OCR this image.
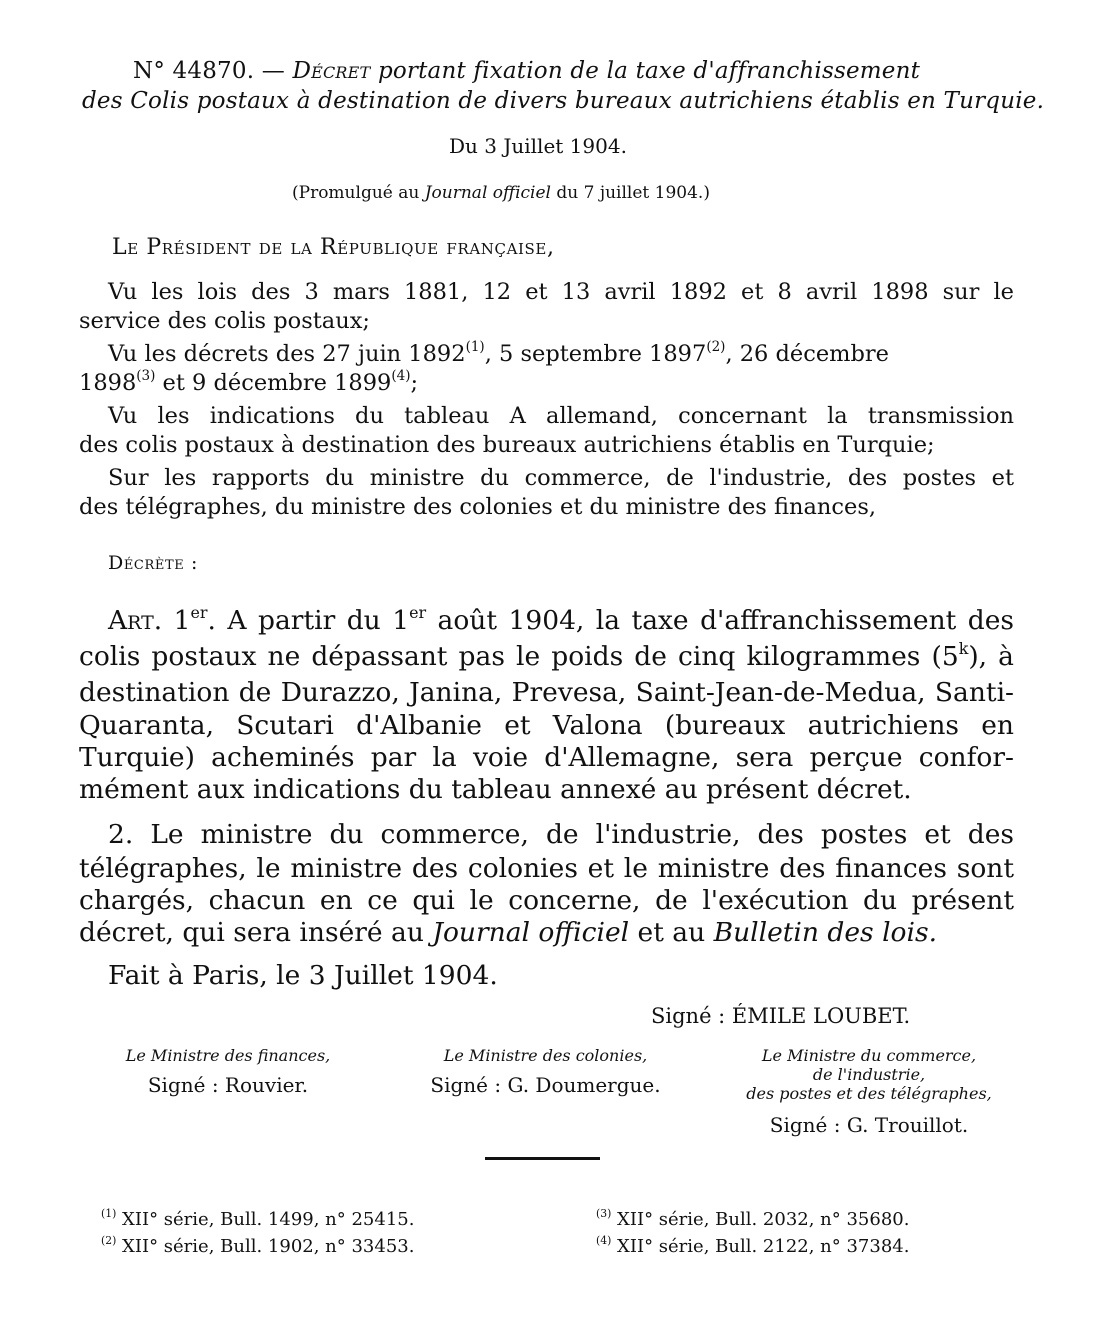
N° 44870. — Décret portant fixation de la taxe d'affranchissement
des Colis postaux à destination de divers bureaux autrichiens établis en Turquie.
Du 3 Juillet 1904.
(Promulgué au Journal officiel du 7 juillet 1904.)
Le Président de la République française,
Vu les lois des 3 mars 1881, 12 et 13 avril 1892 et 8 avril 1898 sur le
service des colis postaux;
Vu les décrets des 27 juin 1892$^{(1)}$, 5 septembre 1897$^{(2)}$, 26 décembre
1898$^{(3)}$ et 9 décembre 1899$^{(4)}$;
Vu les indications du tableau A allemand, concernant la transmission
des colis postaux à destination des bureaux autrichiens établis en Turquie;
Sur les rapports du ministre du commerce, de l'industrie, des postes et
des télégraphes, du ministre des colonies et du ministre des finances,
Décrète :
Art. 1er. A partir du 1er août 1904, la taxe d'affranchissement des
colis postaux ne dépassant pas le poids de cinq kilogrammes (5$^k$), à
destination de Durazzo, Janina, Prevesa, Saint-Jean-de-Medua, Santi-
Quaranta, Scutari d'Albanie et Valona (bureaux autrichiens en
Turquie) acheminés par la voie d'Allemagne, sera perçue confor-
mément aux indications du tableau annexé au présent décret.
2. Le ministre du commerce, de l'industrie, des postes et des
télégraphes, le ministre des colonies et le ministre des finances sont
chargés, chacun en ce qui le concerne, de l'exécution du présent
décret, qui sera inséré au Journal officiel et au Bulletin des lois.
Fait à Paris, le 3 Juillet 1904.
Signé : ÉMILE LOUBET.
Le Ministre des finances,
Signé : Rouvier.
Le Ministre des colonies,
Signé : G. Doumergue.
Le Ministre du commerce,
de l'industrie,
des postes et des télégraphes,
Signé : G. Trouillot.
$^{(1)}$ XII° série, Bull. 1499, n° 25415.
$^{(2)}$ XII° série, Bull. 1902, n° 33453.
$^{(3)}$ XII° série, Bull. 2032, n° 35680.
$^{(4)}$ XII° série, Bull. 2122, n° 37384.
